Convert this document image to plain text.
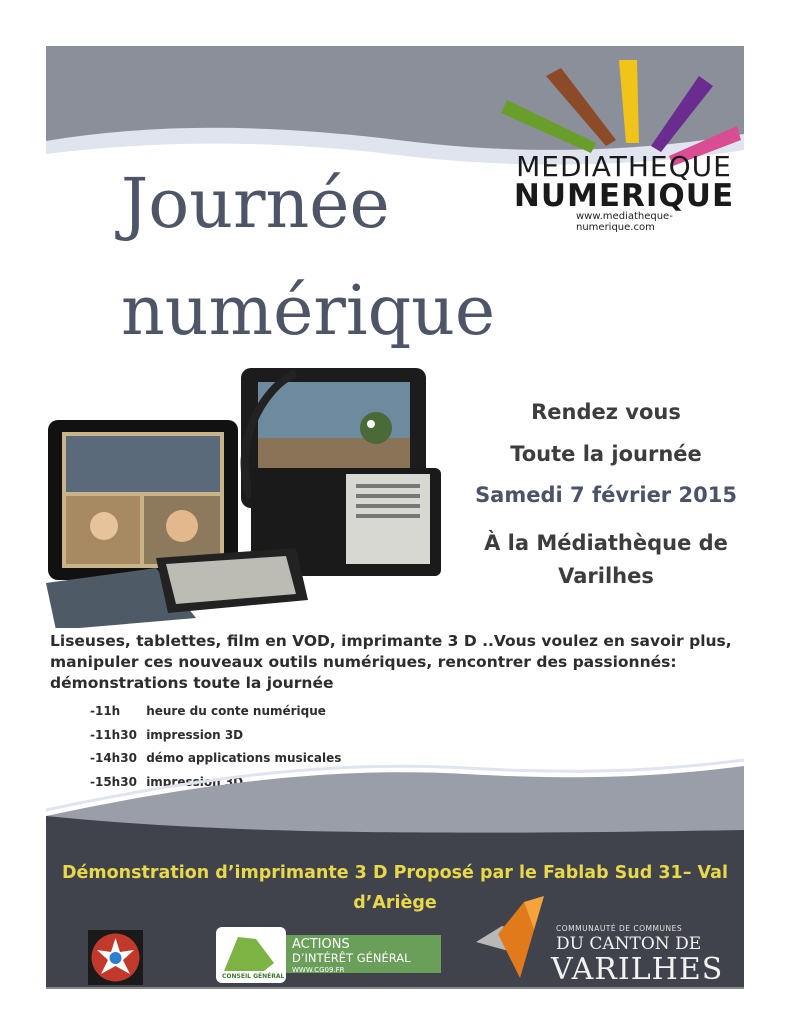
MEDIATHEQUE
NUMERIQUE
www.mediatheque-numerique.com
Journée
numérique
Rendez vous
Toute la journée
Samedi 7 février 2015
À la Médiathèque de
Varilhes
Liseuses, tablettes, film en VOD, imprimante 3 D ..Vous voulez en savoir plus,
manipuler ces nouveaux outils numériques, rencontrer des passionnés:
démonstrations toute la journée
-11h heure du conte numérique
-11h30 impression 3D
-14h30 démo applications musicales
-15h30 impression 3D
Démonstration d’imprimante 3 D Proposé par le Fablab Sud 31– Val
d’Ariège
ACTIONS
D’INTÉRÊT GÉNÉRAL
WWW.CG09.FR
CONSEIL GÉNÉRAL
COMMUNAUTÉ DE COMMUNES
DU CANTON DE
VARILHES
